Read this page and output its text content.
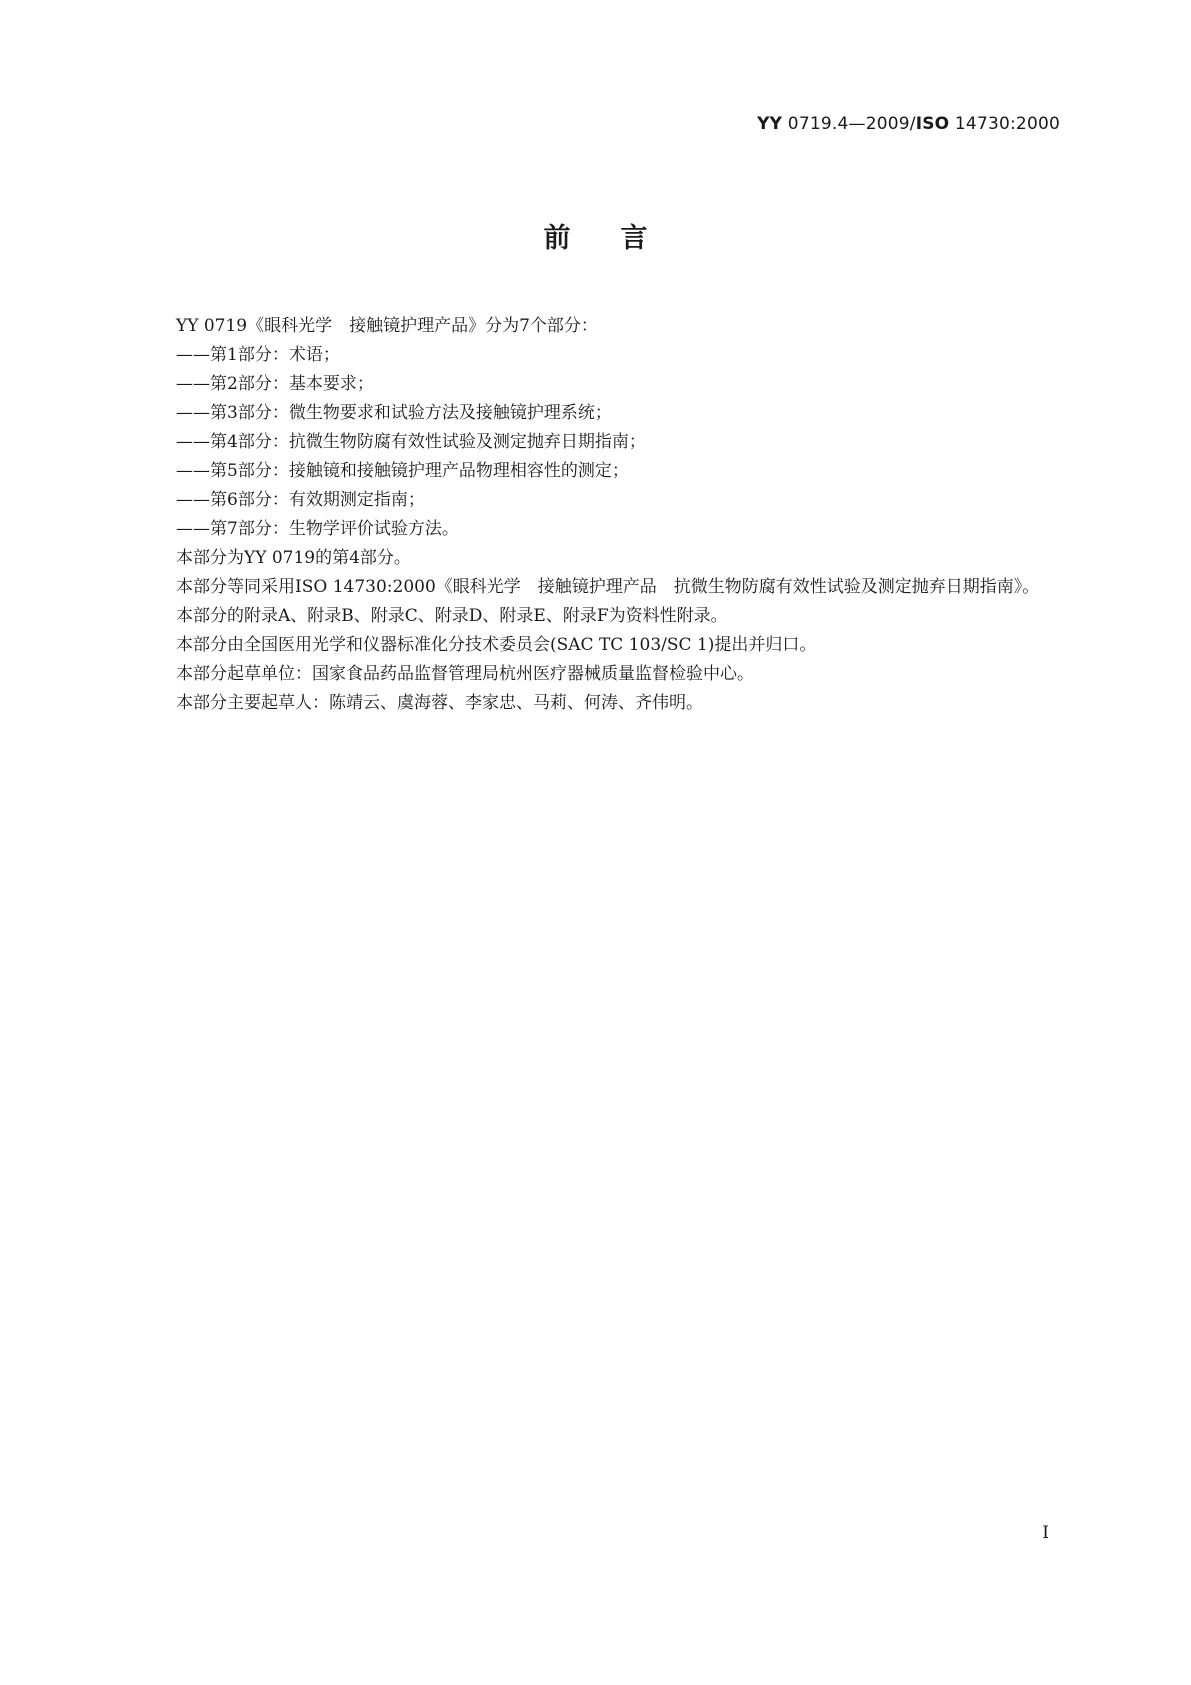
YY 0719.4—2009/ISO 14730:2000
前言

YY 0719《眼科光学　接触镜护理产品》分为7个部分：

——第1部分：术语；

——第2部分：基本要求；

——第3部分：微生物要求和试验方法及接触镜护理系统；

——第4部分：抗微生物防腐有效性试验及测定抛弃日期指南；

——第5部分：接触镜和接触镜护理产品物理相容性的测定；

——第6部分：有效期测定指南；

——第7部分：生物学评价试验方法。

本部分为YY 0719的第4部分。

本部分等同采用ISO 14730:2000《眼科光学　接触镜护理产品　抗微生物防腐有效性试验及测定抛弃日期指南》。

本部分的附录A、附录B、附录C、附录D、附录E、附录F为资料性附录。

本部分由全国医用光学和仪器标准化分技术委员会(SAC TC 103/SC 1)提出并归口。

本部分起草单位：国家食品药品监督管理局杭州医疗器械质量监督检验中心。

本部分主要起草人：陈靖云、虞海蓉、李家忠、马莉、何涛、齐伟明。

I
